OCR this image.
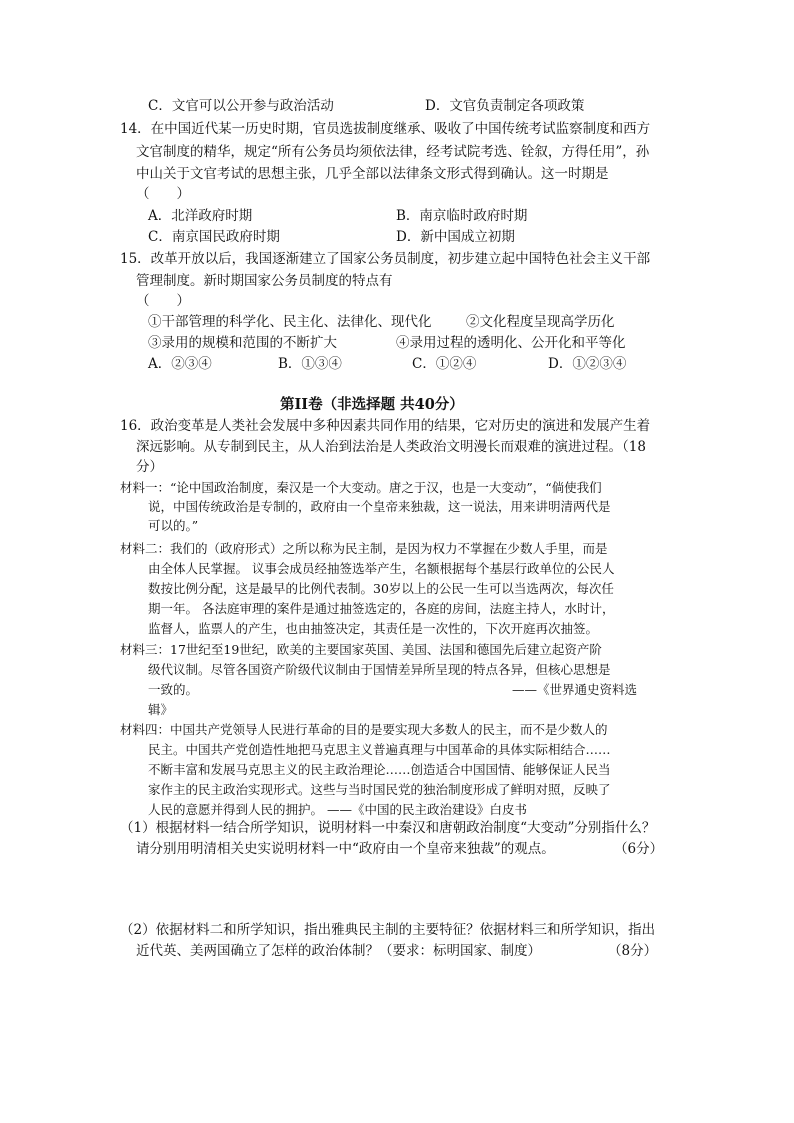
C．文官可以公开参与政治活动	D．文官负责制定各项政策
14．在中国近代某一历史时期，官员选拔制度继承、吸收了中国传统考试监察制度和西方
文官制度的精华，规定“所有公务员均须依法律，经考试院考选、铨叙，方得任用”，孙
中山关于文官考试的思想主张，几乎全部以法律条文形式得到确认。这一时期是
（　　）
A．北洋政府时期	B．南京临时政府时期
C．南京国民政府时期	D．新中国成立初期
15．改革开放以后，我国逐渐建立了国家公务员制度，初步建立起中国特色社会主义干部
管理制度。新时期国家公务员制度的特点有
（　　）
①干部管理的科学化、民主化、法律化、现代化	②文化程度呈现高学历化
③录用的规模和范围的不断扩大	④录用过程的透明化、公开化和平等化
A．②③④	B．①③④	C．①②④	D．①②③④
第II卷（非选择题 共40分）
16．政治变革是人类社会发展中多种因素共同作用的结果，它对历史的演进和发展产生着
深远影响。从专制到民主，从人治到法治是人类政治文明漫长而艰难的演进过程。（18
分）
材料一：“论中国政治制度，秦汉是一个大变动。唐之于汉，也是一大变动”，“倘使我们
说，中国传统政治是专制的，政府由一个皇帝来独裁，这一说法，用来讲明清两代是
可以的。”
材料二：我们的（政府形式）之所以称为民主制，是因为权力不掌握在少数人手里，而是
由全体人民掌握。 议事会成员经抽签选举产生，名额根据每个基层行政单位的公民人
数按比例分配，这是最早的比例代表制。30岁以上的公民一生可以当选两次，每次任
期一年。 各法庭审理的案件是通过抽签选定的，各庭的房间，法庭主持人，水时计，
监督人，监票人的产生，也由抽签决定，其责任是一次性的，下次开庭再次抽签。
材料三：17世纪至19世纪，欧美的主要国家英国、美国、法国和德国先后建立起资产阶
级代议制。尽管各国资产阶级代议制由于国情差异所呈现的特点各异，但核心思想是
一致的。	——《世界通史资料选
辑》
材料四：中国共产党领导人民进行革命的目的是要实现大多数人的民主，而不是少数人的
民主。中国共产党创造性地把马克思主义普遍真理与中国革命的具体实际相结合……
不断丰富和发展马克思主义的民主政治理论……创造适合中国国情、能够保证人民当
家作主的民主政治实现形式。这些与当时国民党的独治制度形成了鲜明对照，反映了
人民的意愿并得到人民的拥护。 ——《中国的民主政治建设》白皮书
（1）根据材料一结合所学知识，说明材料一中秦汉和唐朝政治制度“大变动”分别指什么？
请分别用明清相关史实说明材料一中“政府由一个皇帝来独裁”的观点。	（6分）
（2）依据材料二和所学知识，指出雅典民主制的主要特征？依据材料三和所学知识，指出
近代英、美两国确立了怎样的政治体制？（要求：标明国家、制度）	（8分）
